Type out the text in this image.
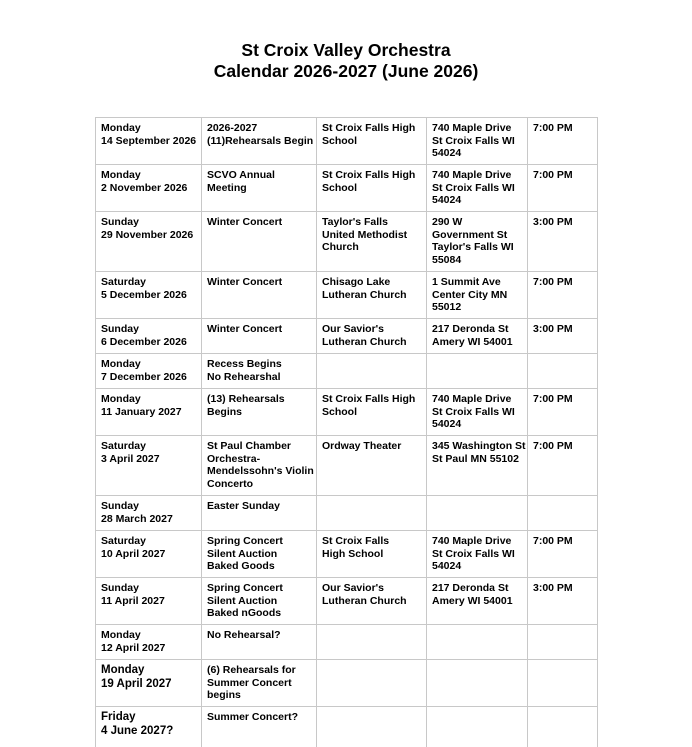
St Croix Valley Orchestra
Calendar 2026-2027 (June 2026)
Monday
14 September 2026	2026-2027
(11)Rehearsals Begin	St Croix Falls High
School	740 Maple Drive
St Croix Falls WI
54024	7:00 PM

Monday
2 November 2026	SCVO Annual
Meeting	St Croix Falls High
School	740 Maple Drive
St Croix Falls WI
54024	7:00 PM

Sunday
29 November 2026	Winter Concert	Taylor's Falls
United Methodist
Church	290 W
Government St
Taylor's Falls WI
55084	3:00 PM

Saturday
5 December 2026	Winter Concert	Chisago Lake
Lutheran Church	1 Summit Ave
Center City MN
55012	7:00 PM

Sunday
6 December 2026	Winter Concert	Our Savior's
Lutheran Church	217 Deronda St
Amery WI 54001	3:00 PM

Monday
7 December 2026	Recess Begins
No Rehearshal			

Monday
11 January 2027	(13) Rehearsals
Begins	St Croix Falls High
School	740 Maple Drive
St Croix Falls WI
54024	7:00 PM

Saturday
3 April 2027	St Paul Chamber
Orchestra-
Mendelssohn's Violin
Concerto	Ordway Theater	345 Washington St
St Paul MN 55102	7:00 PM

Sunday
28 March 2027	Easter Sunday			

Saturday
10 April 2027	Spring Concert
Silent Auction
Baked Goods	St Croix Falls
High School	740 Maple Drive
St Croix Falls WI
54024	7:00 PM

Sunday
11 April 2027	Spring Concert
Silent Auction
Baked nGoods	Our Savior's
Lutheran Church	217 Deronda St
Amery WI 54001	3:00 PM

Monday
12 April 2027	No Rehearsal?			

Monday
19 April 2027	(6) Rehearsals for
Summer Concert
begins			

Friday
4 June 2027?	Summer Concert?			
